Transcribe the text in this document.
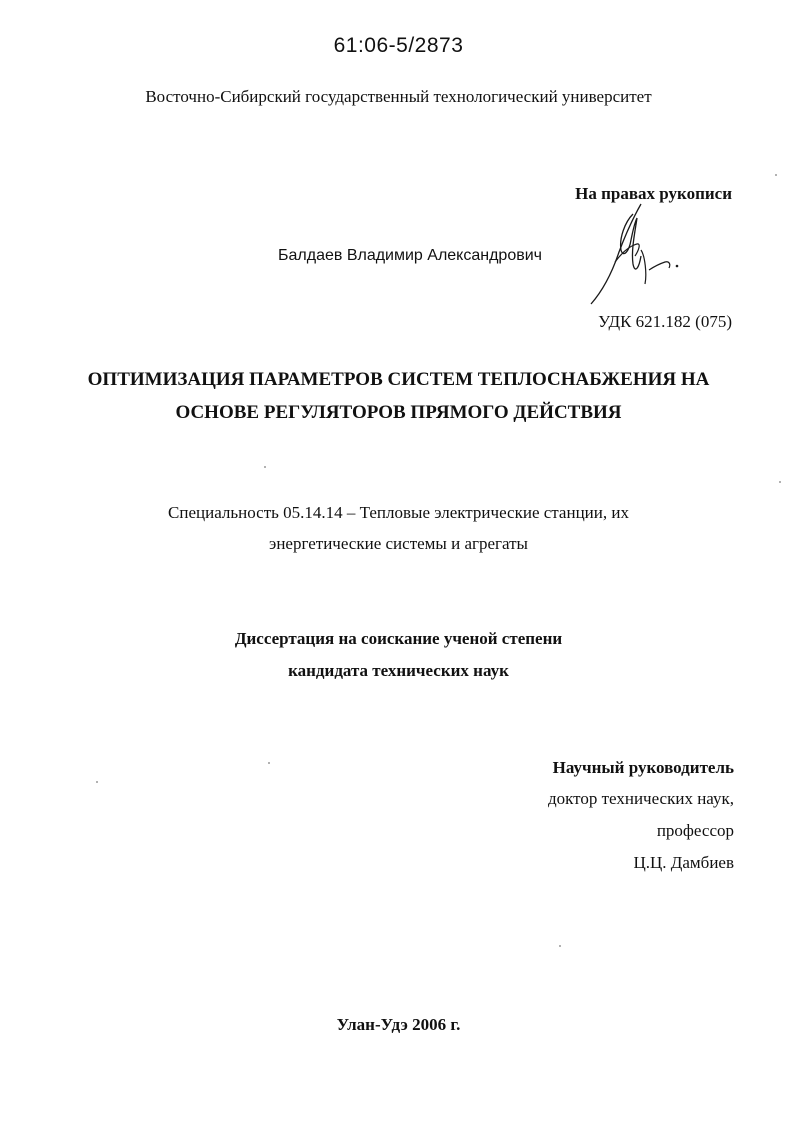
61:06-5/2873
Восточно-Сибирский государственный технологический университет
На правах рукописи
Балдаев Владимир Александрович
УДК 621.182 (075)
ОПТИМИЗАЦИЯ ПАРАМЕТРОВ СИСТЕМ ТЕПЛОСНАБЖЕНИЯ НА
ОСНОВЕ РЕГУЛЯТОРОВ ПРЯМОГО ДЕЙСТВИЯ
Специальность 05.14.14 – Тепловые электрические станции, их
энергетические системы и агрегаты
Диссертация на соискание ученой степени
кандидата технических наук
Научный руководитель
доктор технических наук,
профессор
Ц.Ц. Дамбиев
Улан-Удэ 2006 г.
